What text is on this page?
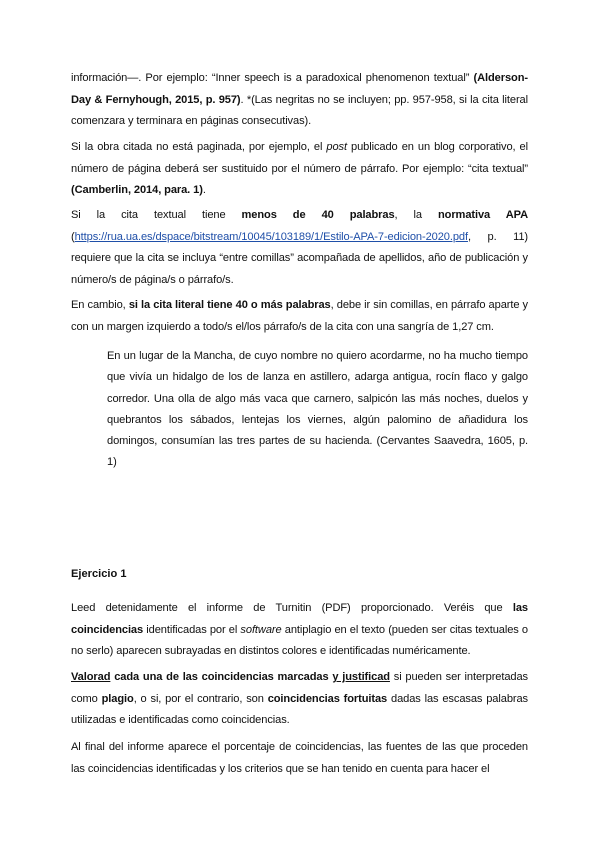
información—. Por ejemplo: “Inner speech is a paradoxical phenomenon textual” (Alderson-Day & Fernyhough, 2015, p. 957). *(Las negritas no se incluyen; pp. 957-958, si la cita literal comenzara y terminara en páginas consecutivas).

Si la obra citada no está paginada, por ejemplo, el post publicado en un blog corporativo, el número de página deberá ser sustituido por el número de párrafo. Por ejemplo: “cita textual” (Camberlin, 2014, para. 1).

Si la cita textual tiene menos de 40 palabras, la normativa APA (https://rua.ua.es/dspace/bitstream/10045/103189/1/Estilo-APA-7-edicion-2020.pdf, p. 11) requiere que la cita se incluya “entre comillas” acompañada de apellidos, año de publicación y número/s de página/s o párrafo/s.

En cambio, si la cita literal tiene 40 o más palabras, debe ir sin comillas, en párrafo aparte y con un margen izquierdo a todo/s el/los párrafo/s de la cita con una sangría de 1,27 cm.

En un lugar de la Mancha, de cuyo nombre no quiero acordarme, no ha mucho tiempo que vivía un hidalgo de los de lanza en astillero, adarga antigua, rocín flaco y galgo corredor. Una olla de algo más vaca que carnero, salpicón las más noches, duelos y quebrantos los sábados, lentejas los viernes, algún palomino de añadidura los domingos, consumían las tres partes de su hacienda. (Cervantes Saavedra, 1605, p. 1)

Ejercicio 1

Leed detenidamente el informe de Turnitin (PDF) proporcionado. Veréis que las coincidencias identificadas por el software antiplagio en el texto (pueden ser citas textuales o no serlo) aparecen subrayadas en distintos colores e identificadas numéricamente.

Valorad cada una de las coincidencias marcadas y justificad si pueden ser interpretadas como plagio, o si, por el contrario, son coincidencias fortuitas dadas las escasas palabras utilizadas e identificadas como coincidencias.

Al final del informe aparece el porcentaje de coincidencias, las fuentes de las que proceden las coincidencias identificadas y los criterios que se han tenido en cuenta para hacer el
